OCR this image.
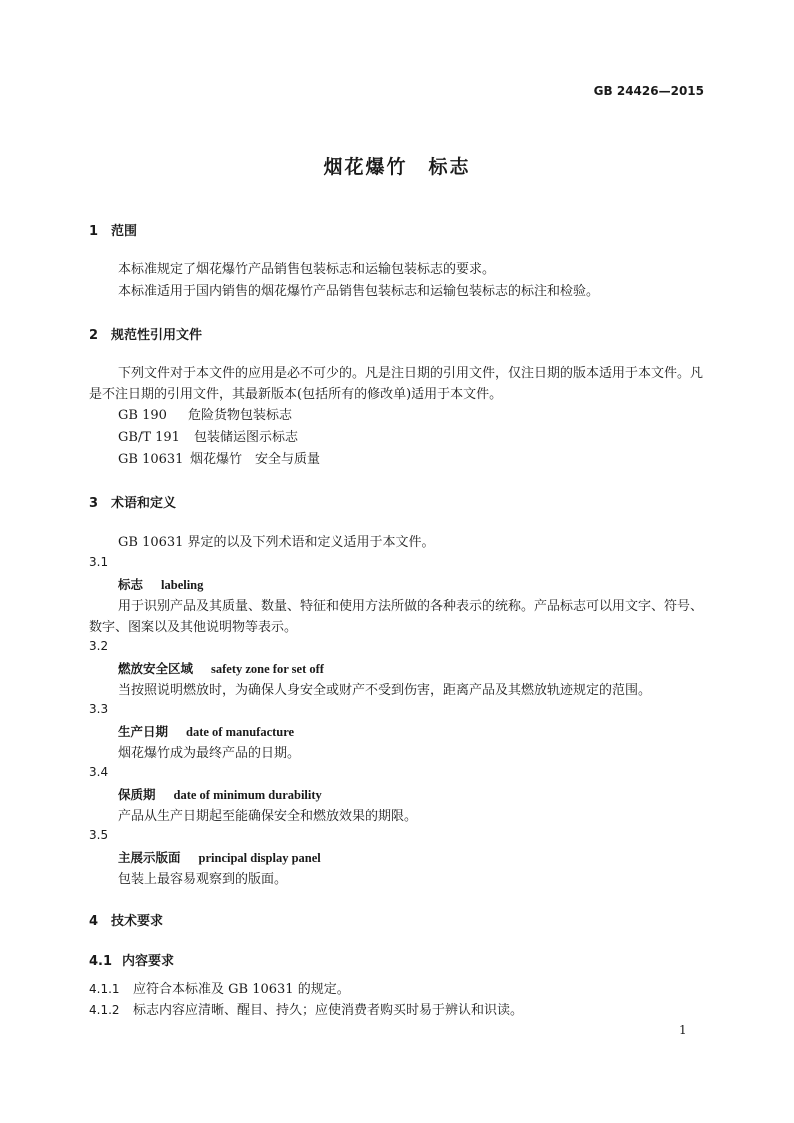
GB 24426—2015
烟花爆竹　标志
1 范围
本标准规定了烟花爆竹产品销售包装标志和运输包装标志的要求。
本标准适用于国内销售的烟花爆竹产品销售包装标志和运输包装标志的标注和检验。
2 规范性引用文件
下列文件对于本文件的应用是必不可少的。凡是注日期的引用文件，仅注日期的版本适用于本文件。凡是不注日期的引用文件，其最新版本(包括所有的修改单)适用于本文件。
GB 190 危险货物包装标志
GB/T 191 包装储运图示标志
GB 10631 烟花爆竹　安全与质量
3 术语和定义
GB 10631 界定的以及下列术语和定义适用于本文件。
3.1
标志 labeling
用于识别产品及其质量、数量、特征和使用方法所做的各种表示的统称。产品标志可以用文字、符号、数字、图案以及其他说明物等表示。
3.2
燃放安全区域 safety zone for set off
当按照说明燃放时，为确保人身安全或财产不受到伤害，距离产品及其燃放轨迹规定的范围。
3.3
生产日期 date of manufacture
烟花爆竹成为最终产品的日期。
3.4
保质期 date of minimum durability
产品从生产日期起至能确保安全和燃放效果的期限。
3.5
主展示版面 principal display panel
包装上最容易观察到的版面。
4 技术要求
4.1 内容要求
4.1.1 应符合本标准及 GB 10631 的规定。
4.1.2 标志内容应清晰、醒目、持久；应使消费者购买时易于辨认和识读。
1
